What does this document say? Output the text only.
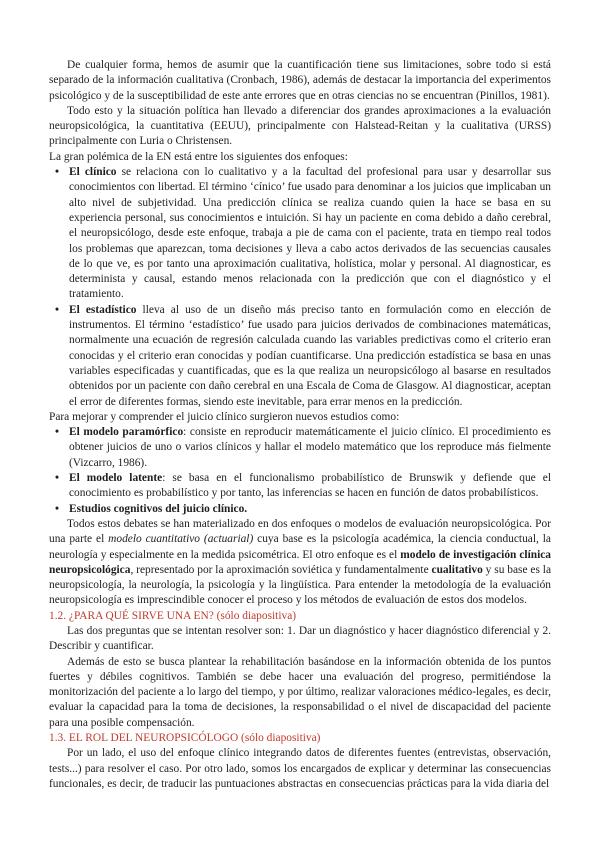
De cualquier forma, hemos de asumir que la cuantificación tiene sus limitaciones, sobre todo si está separado de la información cualitativa (Cronbach, 1986), además de destacar la importancia del experimentos psicológico y de la susceptibilidad de este ante errores que en otras ciencias no se encuentran (Pinillos, 1981).

Todo esto y la situación política han llevado a diferenciar dos grandes aproximaciones a la evaluación neuropsicológica, la cuantitativa (EEUU), principalmente con Halstead-Reitan y la cualitativa (URSS) principalmente con Luria o Christensen.

La gran polémica de la EN está entre los siguientes dos enfoques:

• El clínico se relaciona con lo cualitativo y a la facultad del profesional para usar y desarrollar sus conocimientos con libertad. El término ‘cínico’ fue usado para denominar a los juicios que implicaban un alto nivel de subjetividad. Una predicción clínica se realiza cuando quien la hace se basa en su experiencia personal, sus conocimientos e intuición. Si hay un paciente en coma debido a daño cerebral, el neuropsicólogo, desde este enfoque, trabaja a pie de cama con el paciente, trata en tiempo real todos los problemas que aparezcan, toma decisiones y lleva a cabo actos derivados de las secuencias causales de lo que ve, es por tanto una aproximación cualitativa, holística, molar y personal. Al diagnosticar, es determinista y causal, estando menos relacionada con la predicción que con el diagnóstico y el tratamiento.
• El estadístico lleva al uso de un diseño más preciso tanto en formulación como en elección de instrumentos. El término ‘estadístico’ fue usado para juicios derivados de combinaciones matemáticas, normalmente una ecuación de regresión calculada cuando las variables predictivas como el criterio eran conocidas y el criterio eran conocidas y podían cuantificarse. Una predicción estadística se basa en unas variables especificadas y cuantificadas, que es la que realiza un neuropsicólogo al basarse en resultados obtenidos por un paciente con daño cerebral en una Escala de Coma de Glasgow. Al diagnosticar, aceptan el error de diferentes formas, siendo este inevitable, para errar menos en la predicción.

Para mejorar y comprender el juicio clínico surgieron nuevos estudios como:

• El modelo paramórfico: consiste en reproducir matemáticamente el juicio clínico. El procedimiento es obtener juicios de uno o varios clínicos y hallar el modelo matemático que los reproduce más fielmente (Vizcarro, 1986).
• El modelo latente: se basa en el funcionalismo probabilístico de Brunswik y defiende que el conocimiento es probabilístico y por tanto, las inferencias se hacen en función de datos probabilísticos.
• Estudios cognitivos del juicio clínico.

Todos estos debates se han materializado en dos enfoques o modelos de evaluación neuropsicológica. Por una parte el modelo cuantitativo (actuarial) cuya base es la psicología académica, la ciencia conductual, la neurología y especialmente en la medida psicométrica. El otro enfoque es el modelo de investigación clínica neuropsicológica, representado por la aproximación soviética y fundamentalmente cualitativo y su base es la neuropsicología, la neurología, la psicología y la lingüística. Para entender la metodología de la evaluación neuropsicología es imprescindible conocer el proceso y los métodos de evaluación de estos dos modelos.

1.2. ¿PARA QUÉ SIRVE UNA EN? (sólo diapositiva)

Las dos preguntas que se intentan resolver son: 1. Dar un diagnóstico y hacer diagnóstico diferencial y 2. Describir y cuantificar.

Además de esto se busca plantear la rehabilitación basándose en la información obtenida de los puntos fuertes y débiles cognitivos. También se debe hacer una evaluación del progreso, permitiéndose la monitorización del paciente a lo largo del tiempo, y por último, realizar valoraciones médico-legales, es decir, evaluar la capacidad para la toma de decisiones, la responsabilidad o el nivel de discapacidad del paciente para una posible compensación.

1.3. EL ROL DEL NEUROPSICÓLOGO (sólo diapositiva)

Por un lado, el uso del enfoque clínico integrando datos de diferentes fuentes (entrevistas, observación, tests...) para resolver el caso. Por otro lado, somos los encargados de explicar y determinar las consecuencias funcionales, es decir, de traducir las puntuaciones abstractas en consecuencias prácticas para la vida diaria del
